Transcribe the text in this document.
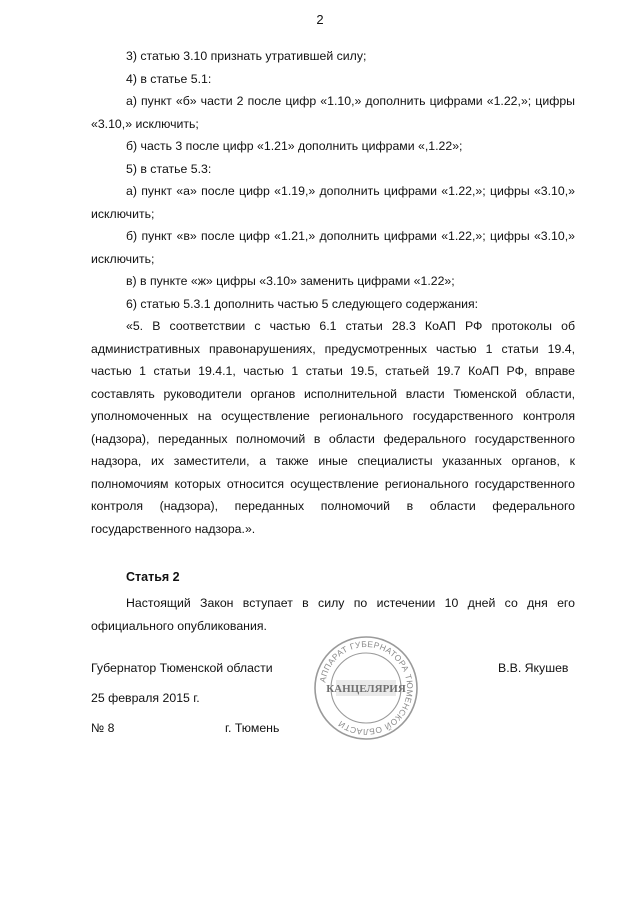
2

3) статью 3.10 признать утратившей силу;

4) в статье 5.1:

а) пункт «б» части 2 после цифр «1.10,» дополнить цифрами «1.22,»; цифры «3.10,» исключить;

б) часть 3 после цифр «1.21» дополнить цифрами «,1.22»;

5) в статье 5.3:

а) пункт «а» после цифр «1.19,» дополнить цифрами «1.22,»; цифры «3.10,» исключить;

б) пункт «в» после цифр «1.21,» дополнить цифрами «1.22,»; цифры «3.10,» исключить;

в) в пункте «ж» цифры «3.10» заменить цифрами «1.22»;

6) статью 5.3.1 дополнить частью 5 следующего содержания:

«5. В соответствии с частью 6.1 статьи 28.3 КоАП РФ протоколы об административных правонарушениях, предусмотренных частью 1 статьи 19.4, частью 1 статьи 19.4.1, частью 1 статьи 19.5, статьей 19.7 КоАП РФ, вправе составлять руководители органов исполнительной власти Тюменской области, уполномоченных на осуществление регионального государственного контроля (надзора), переданных полномочий в области федерального государственного надзора, их заместители, а также иные специалисты указанных органов, к полномочиям которых относится осуществление регионального государственного контроля (надзора), переданных полномочий в области федерального государственного надзора.».

Статья 2

Настоящий Закон вступает в силу по истечении 10 дней со дня его официального опубликования.

Губернатор Тюменской области	В.В. Якушев
25 февраля 2015 г.
№ 8	г. Тюмень
АППАРАТ ГУБЕРНАТОРА ТЮМЕНСКОЙ ОБЛАСТИ
КАНЦЕЛЯРИЯ
